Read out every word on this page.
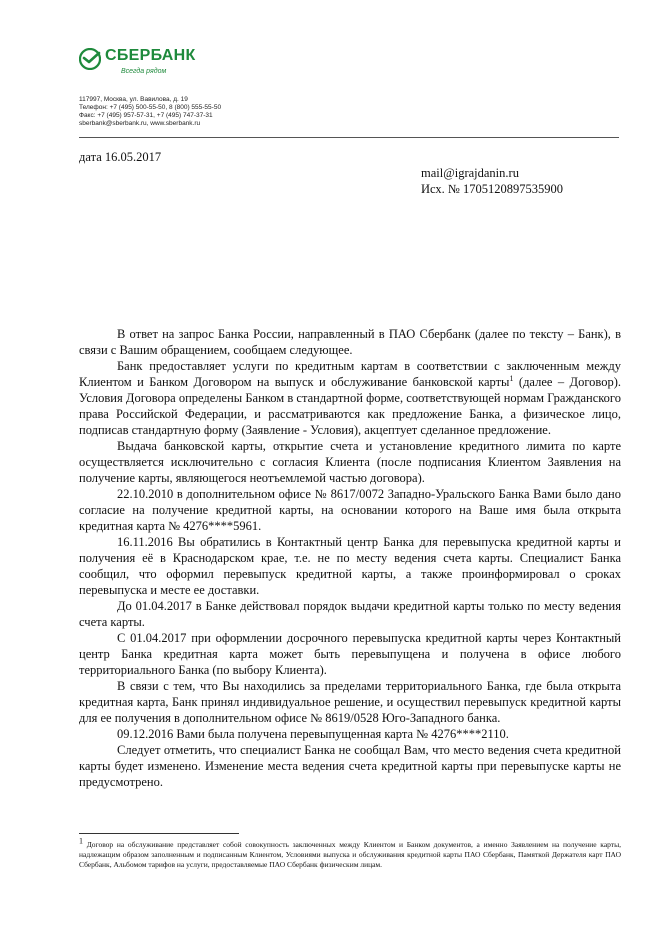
СБЕРБАНК
Всегда рядом
117997, Москва, ул. Вавилова, д. 19
Телефон: +7 (495) 500-55-50, 8 (800) 555-55-50
Факс: +7 (495) 957-57-31, +7 (495) 747-37-31
sberbank@sberbank.ru, www.sberbank.ru
дата 16.05.2017
mail@igrajdanin.ru
Исх. № 1705120897535900

В ответ на запрос Банка России, направленный в ПАО Сбербанк (далее по тексту – Банк), в связи с Вашим обращением, сообщаем следующее.

Банк предоставляет услуги по кредитным картам в соответствии с заключенным между Клиентом и Банком Договором на выпуск и обслуживание банковской карты$^1$ (далее – Договор). Условия Договора определены Банком в стандартной форме, соответствующей нормам Гражданского права Российской Федерации, и рассматриваются как предложение Банка, а физическое лицо, подписав стандартную форму (Заявление - Условия), акцептует сделанное предложение.

Выдача банковской карты, открытие счета и установление кредитного лимита по карте осуществляется исключительно с согласия Клиента (после подписания Клиентом Заявления на получение карты, являющегося неотъемлемой частью договора).

22.10.2010 в дополнительном офисе № 8617/0072 Западно-Уральского Банка Вами было дано согласие на получение кредитной карты, на основании которого на Ваше имя была открыта кредитная карта № 4276****5961.

16.11.2016 Вы обратились в Контактный центр Банка для перевыпуска кредитной карты и получения её в Краснодарском крае, т.е. не по месту ведения счета карты. Специалист Банка сообщил, что оформил перевыпуск кредитной карты, а также проинформировал о сроках перевыпуска и месте ее доставки.

До 01.04.2017 в Банке действовал порядок выдачи кредитной карты только по месту ведения счета карты.

С 01.04.2017 при оформлении досрочного перевыпуска кредитной карты через Контактный центр Банка кредитная карта может быть перевыпущена и получена в офисе любого территориального Банка (по выбору Клиента).

В связи с тем, что Вы находились за пределами территориального Банка, где была открыта кредитная карта, Банк принял индивидуальное решение, и осуществил перевыпуск кредитной карты для ее получения в дополнительном офисе № 8619/0528 Юго-Западного банка.

09.12.2016 Вами была получена перевыпущенная карта № 4276****2110.

Следует отметить, что специалист Банка не сообщал Вам, что место ведения счета кредитной карты будет изменено. Изменение места ведения счета кредитной карты при перевыпуске карты не предусмотрено.

$^1$ Договор на обслуживание представляет собой совокупность заключенных между Клиентом и Банком документов, а именно Заявлением на получение карты, надлежащим образом заполненным и подписанным Клиентом, Условиями выпуска и обслуживания кредитной карты ПАО Сбербанк, Памяткой Держателя карт ПАО Сбербанк, Альбомом тарифов на услуги, предоставляемые ПАО Сбербанк физическим лицам.
